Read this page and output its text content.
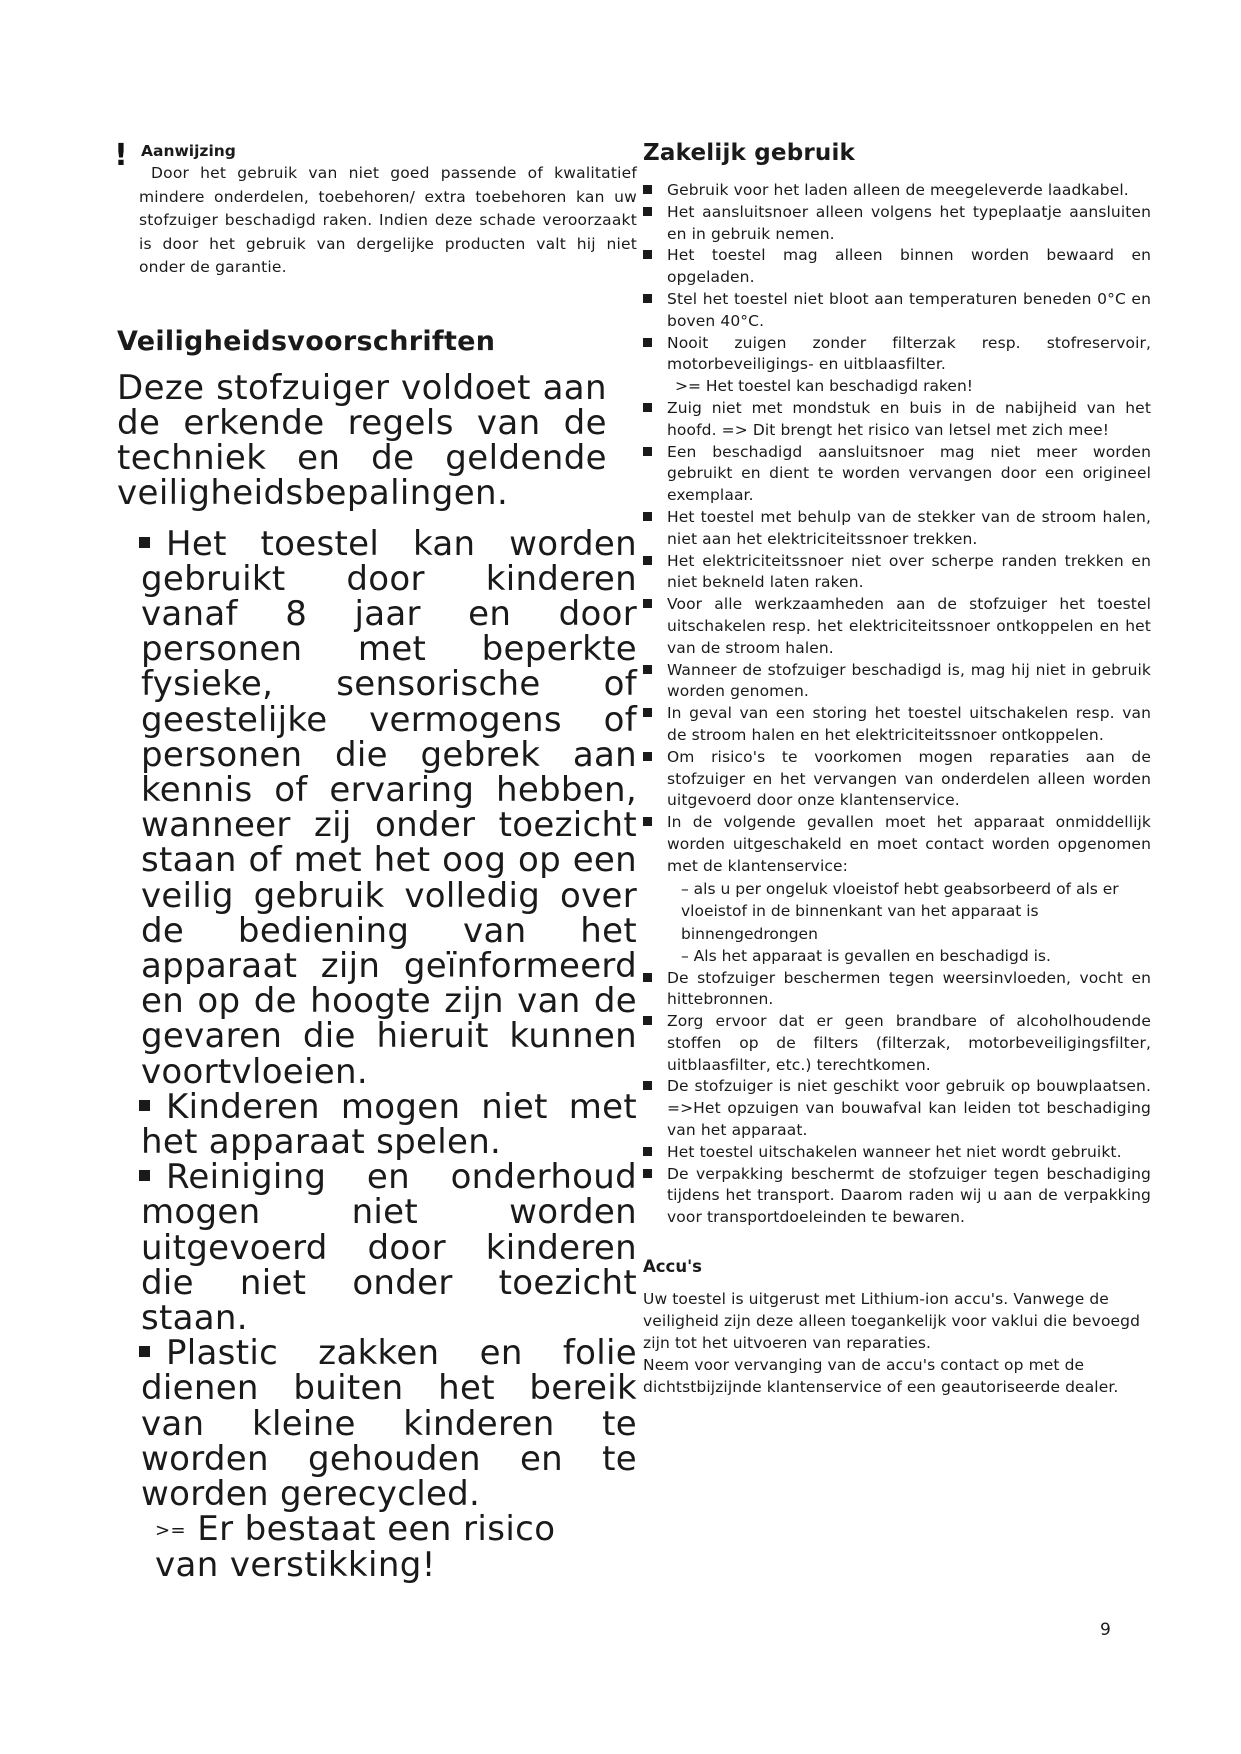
! Aanwijzing

Door het gebruik van niet goed passende of kwalitatief mindere onderdelen, toebehoren/ extra toebehoren kan uw stofzuiger beschadigd raken. Indien deze schade veroorzaakt is door het gebruik van dergelijke producten valt hij niet onder de garantie.

Veiligheidsvoorschriften

Deze stofzuiger voldoet aan de erkende regels van de techniek en de geldende veiligheidsbepalingen.

Het toestel kan worden gebruikt door kinderen vanaf 8 jaar en door personen met beperkte fysieke, sensorische of geestelijke vermogens of personen die gebrek aan kennis of ervaring hebben, wanneer zij onder toezicht staan of met het oog op een veilig gebruik volledig over de bediening van het apparaat zijn geïnformeerd en op de hoogte zijn van de gevaren die hieruit kunnen voortvloeien.
Kinderen mogen niet met het apparaat spelen.
Reiniging en onderhoud mogen niet worden uitgevoerd door kinderen die niet onder toezicht staan.
Plastic zakken en folie dienen buiten het bereik van kleine kinderen te worden gehouden en te worden gerecycled.
>= Er bestaat een risico van verstikking!
Zakelijk gebruik
Gebruik voor het laden alleen de meegeleverde laadkabel.
Het aansluitsnoer alleen volgens het typeplaatje aansluiten en in gebruik nemen.
Het toestel mag alleen binnen worden bewaard en opgeladen.
Stel het toestel niet bloot aan temperaturen beneden 0°C en boven 40°C.
Nooit zuigen zonder filterzak resp. stofreservoir, motorbeveiligings- en uitblaasfilter.
>= Het toestel kan beschadigd raken!
Zuig niet met mondstuk en buis in de nabijheid van het hoofd. => Dit brengt het risico van letsel met zich mee!
Een beschadigd aansluitsnoer mag niet meer worden gebruikt en dient te worden vervangen door een origineel exemplaar.
Het toestel met behulp van de stekker van de stroom halen, niet aan het elektriciteitssnoer trekken.
Het elektriciteitssnoer niet over scherpe randen trekken en niet bekneld laten raken.
Voor alle werkzaamheden aan de stofzuiger het toestel uitschakelen resp. het elektriciteitssnoer ontkoppelen en het van de stroom halen.
Wanneer de stofzuiger beschadigd is, mag hij niet in gebruik worden genomen.
In geval van een storing het toestel uitschakelen resp. van de stroom halen en het elektriciteitssnoer ontkoppelen.
Om risico's te voorkomen mogen reparaties aan de stofzuiger en het vervangen van onderdelen alleen worden uitgevoerd door onze klantenservice.
In de volgende gevallen moet het apparaat onmiddellijk worden uitgeschakeld en moet contact worden opgenomen met de klantenservice:
– als u per ongeluk vloeistof hebt geabsorbeerd of als er vloeistof in de binnenkant van het apparaat is binnengedrongen
– Als het apparaat is gevallen en beschadigd is.
De stofzuiger beschermen tegen weersinvloeden, vocht en hittebronnen.
Zorg ervoor dat er geen brandbare of alcoholhoudende stoffen op de filters (filterzak, motorbeveiligingsfilter, uitblaasfilter, etc.) terechtkomen.
De stofzuiger is niet geschikt voor gebruik op bouwplaatsen. =>Het opzuigen van bouwafval kan leiden tot beschadiging van het apparaat.
Het toestel uitschakelen wanneer het niet wordt gebruikt.
De verpakking beschermt de stofzuiger tegen beschadiging tijdens het transport. Daarom raden wij u aan de verpakking voor transportdoeleinden te bewaren.
Accu's

Uw toestel is uitgerust met Lithium-ion accu's. Vanwege de veiligheid zijn deze alleen toegankelijk voor vaklui die bevoegd zijn tot het uitvoeren van reparaties.

Neem voor vervanging van de accu's contact op met de dichtstbijzijnde klantenservice of een geautoriseerde dealer.

9
